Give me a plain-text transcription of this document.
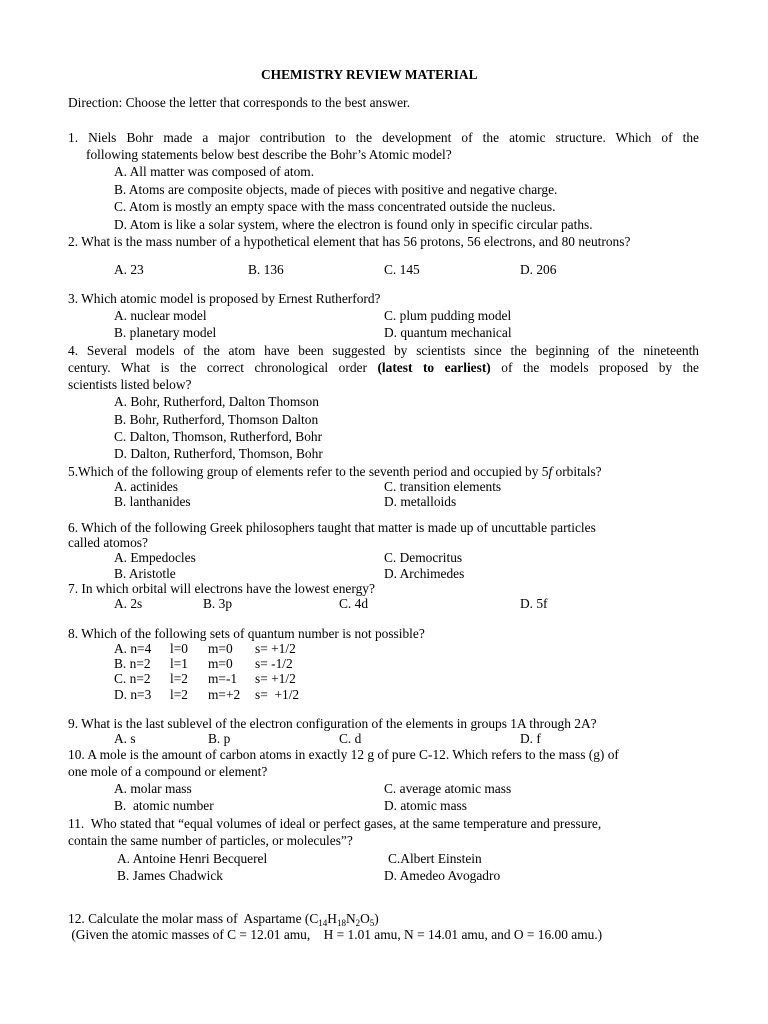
CHEMISTRY REVIEW MATERIAL
Direction: Choose the letter that corresponds to the best answer.
1. Niels Bohr made a major contribution to the development of the atomic structure. Which of the
following statements below best describe the Bohr’s Atomic model?
A. All matter was composed of atom.
B. Atoms are composite objects, made of pieces with positive and negative charge.
C. Atom is mostly an empty space with the mass concentrated outside the nucleus.
D. Atom is like a solar system, where the electron is found only in specific circular paths.
2. What is the mass number of a hypothetical element that has 56 protons, 56 electrons, and 80 neutrons?
A. 23	B. 136	C. 145	D. 206
3. Which atomic model is proposed by Ernest Rutherford?
A. nuclear model	C. plum pudding model
B. planetary model	D. quantum mechanical
4. Several models of the atom have been suggested by scientists since the beginning of the nineteenth
century. What is the correct chronological order (latest to earliest) of the models proposed by the
scientists listed below?
A. Bohr, Rutherford, Dalton Thomson
B. Bohr, Rutherford, Thomson Dalton
C. Dalton, Thomson, Rutherford, Bohr
D. Dalton, Rutherford, Thomson, Bohr
5.Which of the following group of elements refer to the seventh period and occupied by 5f orbitals?
A. actinides	C. transition elements
B. lanthanides	D. metalloids
6. Which of the following Greek philosophers taught that matter is made up of uncuttable particles
called atomos?
A. Empedocles	C. Democritus
B. Aristotle	D. Archimedes
7. In which orbital will electrons have the lowest energy?
A. 2s	B. 3p	C. 4d	D. 5f
8. Which of the following sets of quantum number is not possible?
A. n=4 l=0 m=0 s= +1/2
B. n=2 l=1 m=0 s= -1/2
C. n=2 l=2 m=-1 s= +1/2
D. n=3 l=2 m=+2 s=  +1/2
9. What is the last sublevel of the electron configuration of the elements in groups 1A through 2A?
A. s	B. p	C. d	D. f
10. A mole is the amount of carbon atoms in exactly 12 g of pure C-12. Which refers to the mass (g) of
one mole of a compound or element?
A. molar mass	C. average atomic mass
B.  atomic number	D. atomic mass
11.  Who stated that “equal volumes of ideal or perfect gases, at the same temperature and pressure,
contain the same number of particles, or molecules”?
A. Antoine Henri Becquerel	C.Albert Einstein
B. James Chadwick	D. Amedeo Avogadro
12. Calculate the molar mass of  Aspartame $(C_{14}H_{18}N_2O_5)$
(Given the atomic masses of C = 12.01 amu,    H = 1.01 amu, N = 14.01 amu, and O = 16.00 amu.)
